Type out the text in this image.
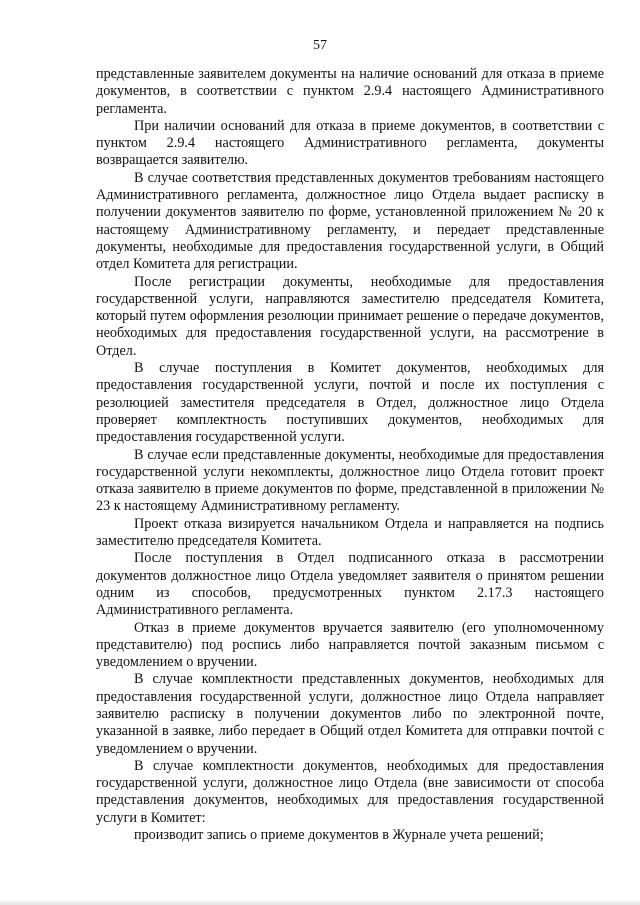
57

представленные заявителем документы на наличие оснований для отказа в приеме документов, в соответствии с пунктом 2.9.4 настоящего Административного регламента.

При наличии оснований для отказа в приеме документов, в соответствии с пунктом 2.9.4 настоящего Административного регламента, документы возвращается заявителю.

В случае соответствия представленных документов требованиям настоящего Административного регламента, должностное лицо Отдела выдает расписку в получении документов заявителю по форме, установленной приложением № 20 к настоящему Административному регламенту, и передает представленные документы, необходимые для предоставления государственной услуги, в Общий отдел Комитета для регистрации.

После регистрации документы, необходимые для предоставления государственной услуги, направляются заместителю председателя Комитета, который путем оформления резолюции принимает решение о передаче документов, необходимых для предоставления государственной услуги, на рассмотрение в Отдел.

В случае поступления в Комитет документов, необходимых для предоставления государственной услуги, почтой и после их поступления с резолюцией заместителя председателя в Отдел, должностное лицо Отдела проверяет комплектность поступивших документов, необходимых для предоставления государственной услуги.

В случае если представленные документы, необходимые для предоставления государственной услуги некомплекты, должностное лицо Отдела готовит проект отказа заявителю в приеме документов по форме, представленной в приложении № 23 к настоящему Административному регламенту.

Проект отказа визируется начальником Отдела и направляется на подпись заместителю председателя Комитета.

После поступления в Отдел подписанного отказа в рассмотрении документов должностное лицо Отдела уведомляет заявителя о принятом решении одним из способов, предусмотренных пунктом 2.17.3 настоящего Административного регламента.

Отказ в приеме документов вручается заявителю (его уполномоченному представителю) под роспись либо направляется почтой заказным письмом с уведомлением о вручении.

В случае комплектности представленных документов, необходимых для предоставления государственной услуги, должностное лицо Отдела направляет заявителю расписку в получении документов либо по электронной почте, указанной в заявке, либо передает в Общий отдел Комитета для отправки почтой с уведомлением о вручении.

В случае комплектности документов, необходимых для предоставления государственной услуги, должностное лицо Отдела (вне зависимости от способа представления документов, необходимых для предоставления государственной услуги в Комитет:

производит запись о приеме документов в Журнале учета решений;
